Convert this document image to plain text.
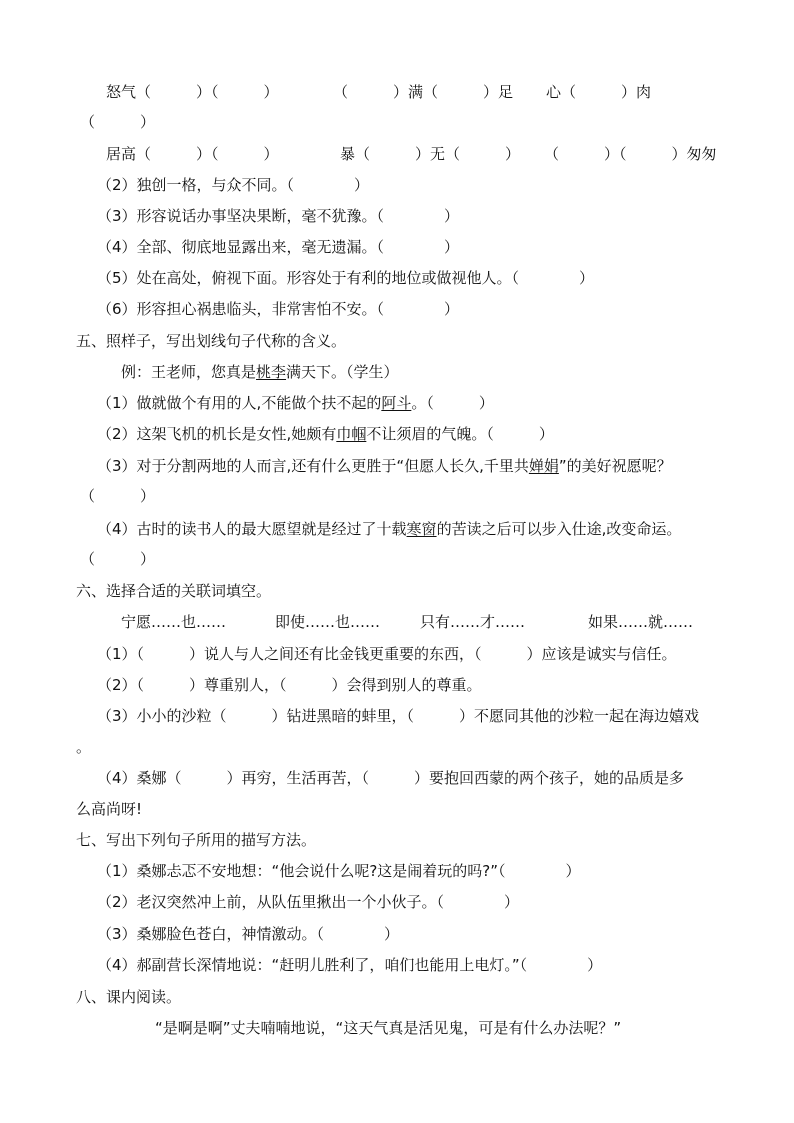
怒气（　　　）（　　　）	（　　　）满（　　　）足 心（　　　）肉
（　　　）
居高（　　　）（　　　）	暴（　　　）无（　　　） （　　　）（　　　）匆匆
（2）独创一格，与众不同。（　　　　）
（3）形容说话办事坚决果断，毫不犹豫。（　　　　）
（4）全部、彻底地显露出来，毫无遗漏。（　　　　）
（5）处在高处，俯视下面。形容处于有利的地位或做视他人。（　　　　）
（6）形容担心祸患临头，非常害怕不安。（　　　　）
五、照样子，写出划线句子代称的含义。
例：王老师，您真是桃李满天下。（学生）
（1）做就做个有用的人,不能做个扶不起的阿斗。（　　　）
（2）这架飞机的机长是女性,她颇有巾帼不让须眉的气魄。（　　　）
（3）对于分割两地的人而言,还有什么更胜于“但愿人长久,千里共婵娟”的美好祝愿呢？
（　　　）
（4）古时的读书人的最大愿望就是经过了十载寒窗的苦读之后可以步入仕途,改变命运。
（　　　）
六、选择合适的关联词填空。
宁愿……也……	即使……也……	只有……才……	如果……就……
（1）（　　　）说人与人之间还有比金钱更重要的东西，（　　　）应该是诚实与信任。
（2）（　　　）尊重别人，（　　　）会得到别人的尊重。
（3）小小的沙粒（　　　）钻进黑暗的蚌里，（　　　）不愿同其他的沙粒一起在海边嬉戏
。
（4）桑娜（　　　）再穷，生活再苦，（　　　）要抱回西蒙的两个孩子，她的品质是多
么高尚呀!
七、写出下列句子所用的描写方法。
（1）桑娜忐忑不安地想：“他会说什么呢?这是闹着玩的吗?”（　　　　）
（2）老汉突然冲上前，从队伍里揪出一个小伙子。（　　　　）
（3）桑娜脸色苍白，神情激动。（　　　　）
（4）郝副营长深情地说：“赶明儿胜利了，咱们也能用上电灯。”（　　　　）
八、课内阅读。
“是啊是啊”丈夫喃喃地说，“这天气真是活见鬼，可是有什么办法呢？”
